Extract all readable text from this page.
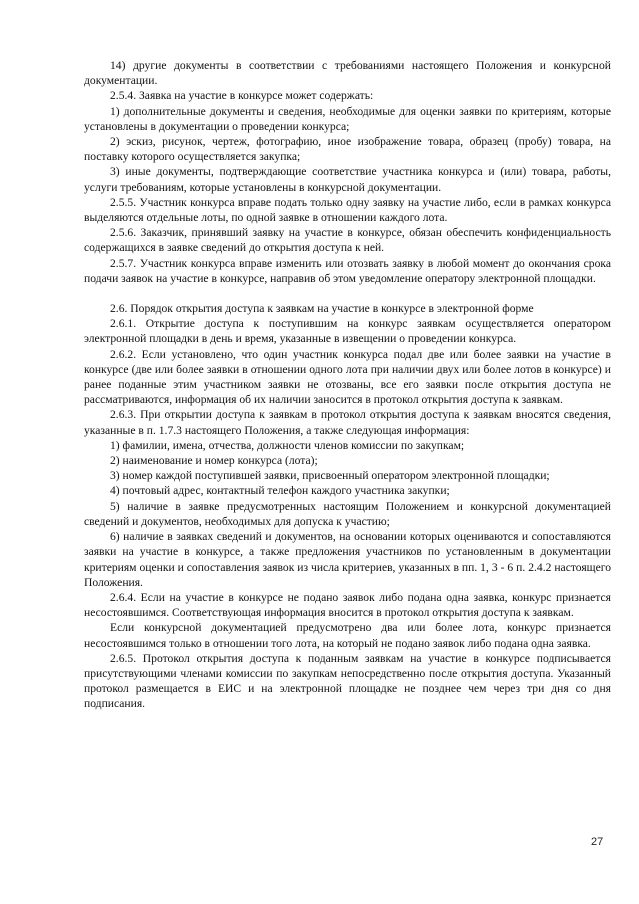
14) другие документы в соответствии с требованиями настоящего Положения и конкурсной документации.

2.5.4. Заявка на участие в конкурсе может содержать:

1) дополнительные документы и сведения, необходимые для оценки заявки по критериям, которые установлены в документации о проведении конкурса;

2) эскиз, рисунок, чертеж, фотографию, иное изображение товара, образец (пробу) товара, на поставку которого осуществляется закупка;

3) иные документы, подтверждающие соответствие участника конкурса и (или) товара, работы, услуги требованиям, которые установлены в конкурсной документации.

2.5.5. Участник конкурса вправе подать только одну заявку на участие либо, если в рамках конкурса выделяются отдельные лоты, по одной заявке в отношении каждого лота.

2.5.6. Заказчик, принявший заявку на участие в конкурсе, обязан обеспечить конфиденциальность содержащихся в заявке сведений до открытия доступа к ней.

2.5.7. Участник конкурса вправе изменить или отозвать заявку в любой момент до окончания срока подачи заявок на участие в конкурсе, направив об этом уведомление оператору электронной площадки.

2.6. Порядок открытия доступа к заявкам на участие в конкурсе в электронной форме

2.6.1. Открытие доступа к поступившим на конкурс заявкам осуществляется оператором электронной площадки в день и время, указанные в извещении о проведении конкурса.

2.6.2. Если установлено, что один участник конкурса подал две или более заявки на участие в конкурсе (две или более заявки в отношении одного лота при наличии двух или более лотов в конкурсе) и ранее поданные этим участником заявки не отозваны, все его заявки после открытия доступа не рассматриваются, информация об их наличии заносится в протокол открытия доступа к заявкам.

2.6.3. При открытии доступа к заявкам в протокол открытия доступа к заявкам вносятся сведения, указанные в п. 1.7.3 настоящего Положения, а также следующая информация:

1) фамилии, имена, отчества, должности членов комиссии по закупкам;

2) наименование и номер конкурса (лота);

3) номер каждой поступившей заявки, присвоенный оператором электронной площадки;

4) почтовый адрес, контактный телефон каждого участника закупки;

5) наличие в заявке предусмотренных настоящим Положением и конкурсной документацией сведений и документов, необходимых для допуска к участию;

6) наличие в заявках сведений и документов, на основании которых оцениваются и сопоставляются заявки на участие в конкурсе, а также предложения участников по установленным в документации критериям оценки и сопоставления заявок из числа критериев, указанных в пп. 1, 3 - 6 п. 2.4.2 настоящего Положения.

2.6.4. Если на участие в конкурсе не подано заявок либо подана одна заявка, конкурс признается несостоявшимся. Соответствующая информация вносится в протокол открытия доступа к заявкам.

Если конкурсной документацией предусмотрено два или более лота, конкурс признается несостоявшимся только в отношении того лота, на который не подано заявок либо подана одна заявка.

2.6.5. Протокол открытия доступа к поданным заявкам на участие в конкурсе подписывается присутствующими членами комиссии по закупкам непосредственно после открытия доступа. Указанный протокол размещается в ЕИС и на электронной площадке не позднее чем через три дня со дня подписания.

27
